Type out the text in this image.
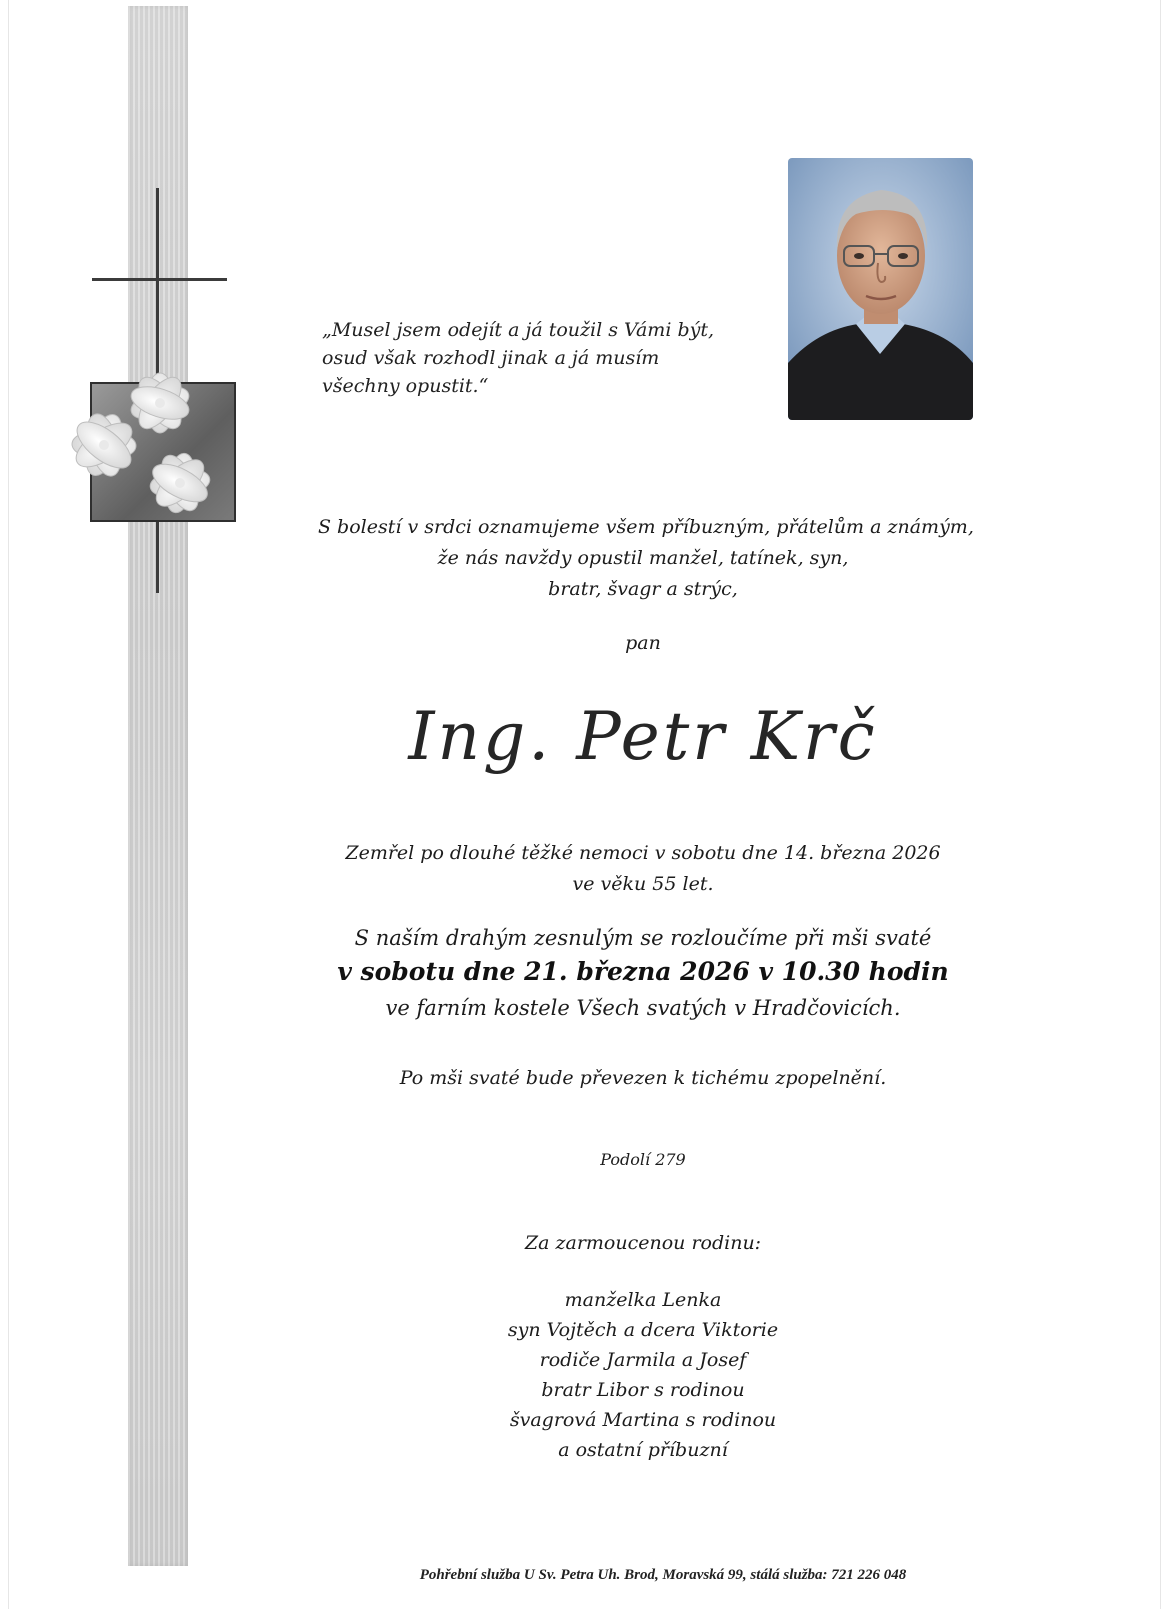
„Musel jsem odejít a já toužil s Vámi být,
osud však rozhodl jinak a já musím
všechny opustit.“
S bolestí v srdci oznamujeme všem příbuzným, přátelům a známým,
že nás navždy opustil manžel, tatínek, syn,
bratr, švagr a strýc,
pan
Ing. Petr Krč
Zemřel po dlouhé těžké nemoci v sobotu dne 14. března 2026
ve věku 55 let.
S naším drahým zesnulým se rozloučíme při mši svaté
v sobotu dne 21. března 2026 v 10.30 hodin
ve farním kostele Všech svatých v Hradčovicích.
Po mši svaté bude převezen k tichému zpopelnění.
Podolí 279
Za zarmoucenou rodinu:
manželka Lenka
syn Vojtěch a dcera Viktorie
rodiče Jarmila a Josef
bratr Libor s rodinou
švagrová Martina s rodinou
a ostatní příbuzní
Pohřební služba U Sv. Petra Uh. Brod, Moravská 99, stálá služba: 721 226 048
